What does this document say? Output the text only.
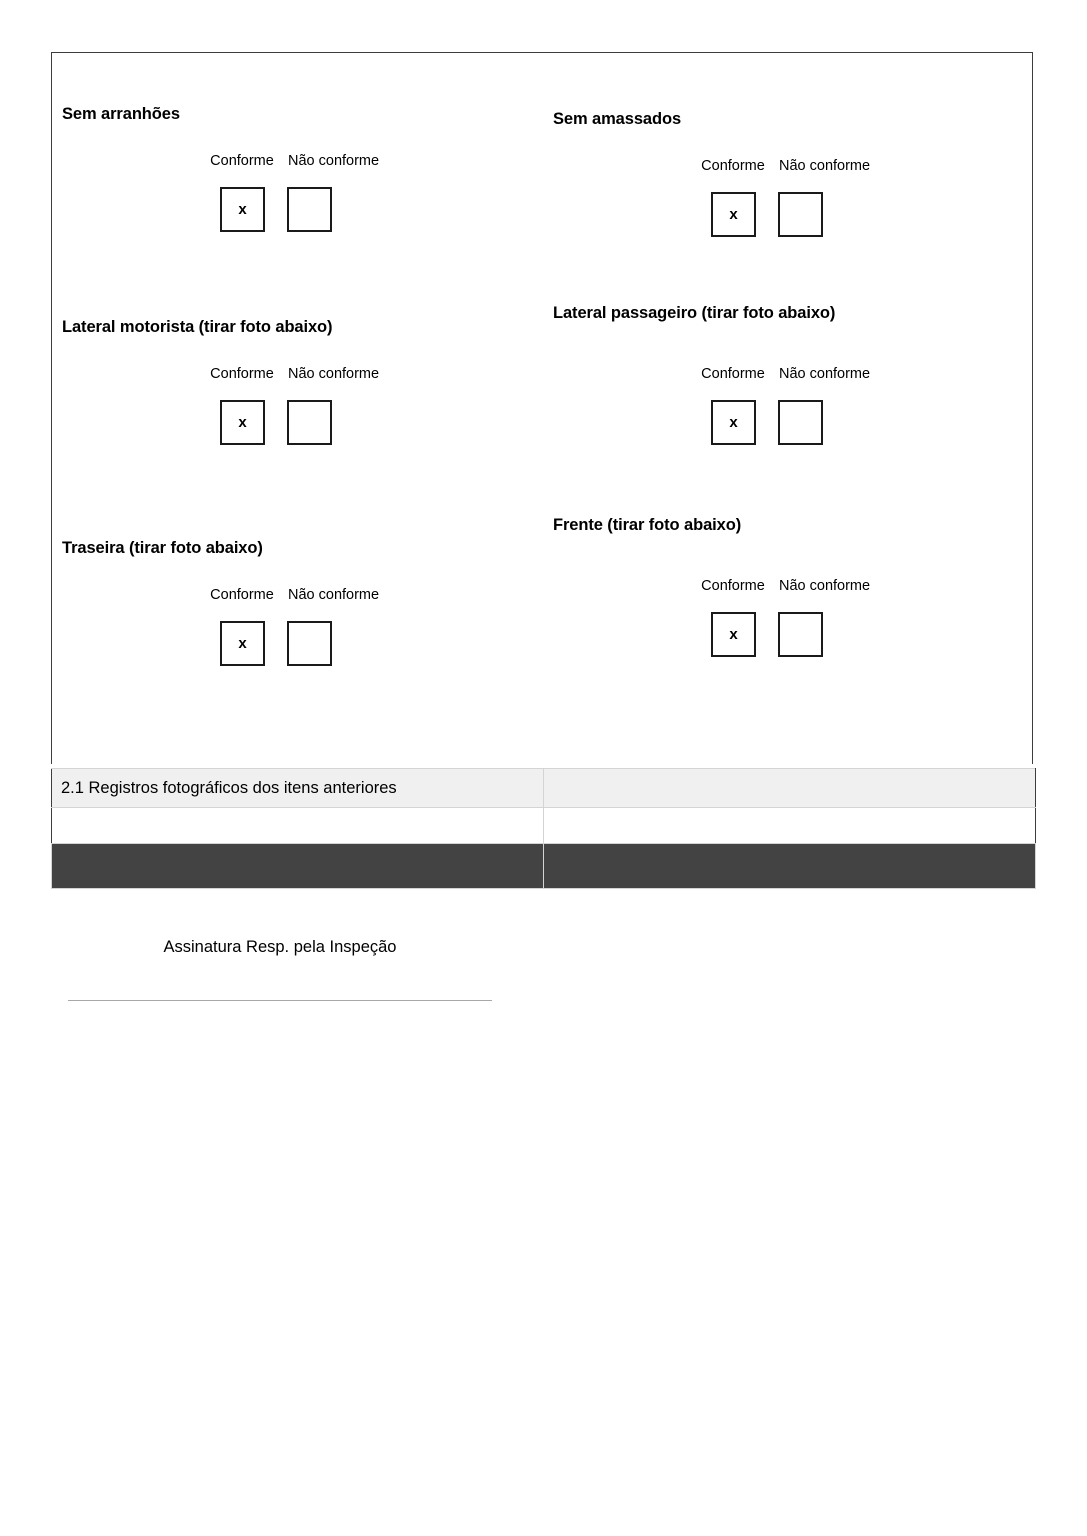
Sem arranhões
Conforme Não conforme
x
Sem amassados
Conforme Não conforme
x
Lateral motorista (tirar foto abaixo)
Conforme Não conforme
x
Lateral passageiro (tirar foto abaixo)
Conforme Não conforme
x
Traseira (tirar foto abaixo)
Conforme Não conforme
x
Frente (tirar foto abaixo)
Conforme Não conforme
x
2.1 Registros fotográficos dos itens anteriores	

Assinatura Resp. pela Inspeção
